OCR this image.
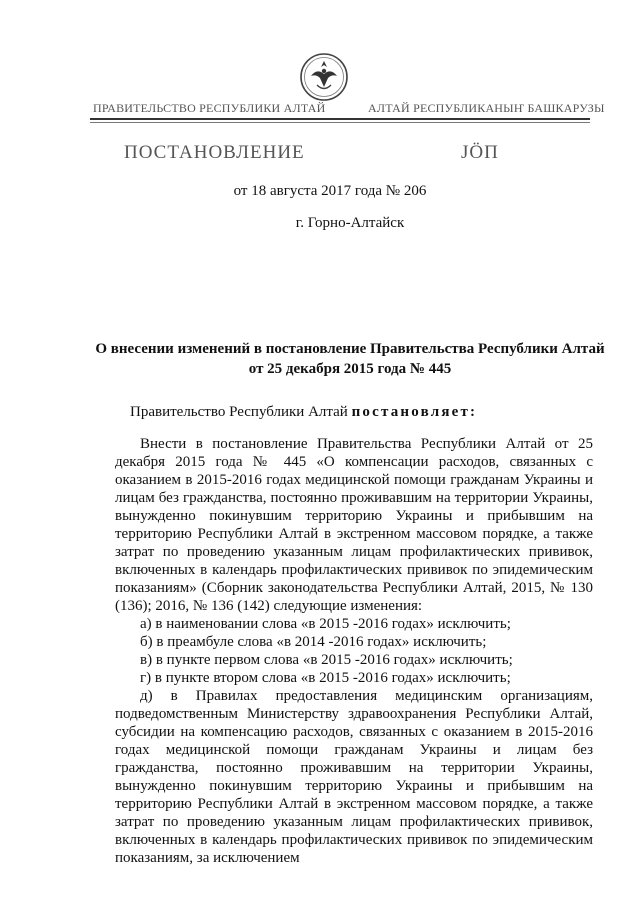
ПРАВИТЕЛЬСТВО РЕСПУБЛИКИ АЛТАЙ	АЛТАЙ РЕСПУБЛИКАНЫҤ БАШКАРУЗЫ
ПОСТАНОВЛЕНИЕ	JӦП
от 18 августа 2017 года № 206
г. Горно-Алтайск
О внесении изменений в постановление Правительства Республики Алтай от 25 декабря 2015 года № 445
Правительство Республики Алтай постановляет:

Внести в постановление Правительства Республики Алтай от 25 декабря 2015 года № 445 «О компенсации расходов, связанных с оказанием в 2015-2016 годах медицинской помощи гражданам Украины и лицам без гражданства, постоянно проживавшим на территории Украины, вынужденно покинувшим территорию Украины и прибывшим на территорию Республики Алтай в экстренном массовом порядке, а также затрат по проведению указанным лицам профилактических прививок, включенных в календарь профилактических прививок по эпидемическим показаниям» (Сборник законодательства Республики Алтай, 2015, № 130 (136); 2016, № 136 (142) следующие изменения:

а) в наименовании слова «в 2015 -2016 годах» исключить;

б) в преамбуле слова «в 2014 -2016 годах» исключить;

в) в пункте первом слова «в 2015 -2016 годах» исключить;

г) в пункте втором слова «в 2015 -2016 годах» исключить;

д) в Правилах предоставления медицинским организациям, подведомственным Министерству здравоохранения Республики Алтай, субсидии на компенсацию расходов, связанных с оказанием в 2015-2016 годах медицинской помощи гражданам Украины и лицам без гражданства, постоянно проживавшим на территории Украины, вынужденно покинувшим территорию Украины и прибывшим на территорию Республики Алтай в экстренном массовом порядке, а также затрат по проведению указанным лицам профилактических прививок, включенных в календарь профилактических прививок по эпидемическим показаниям, за исключением
